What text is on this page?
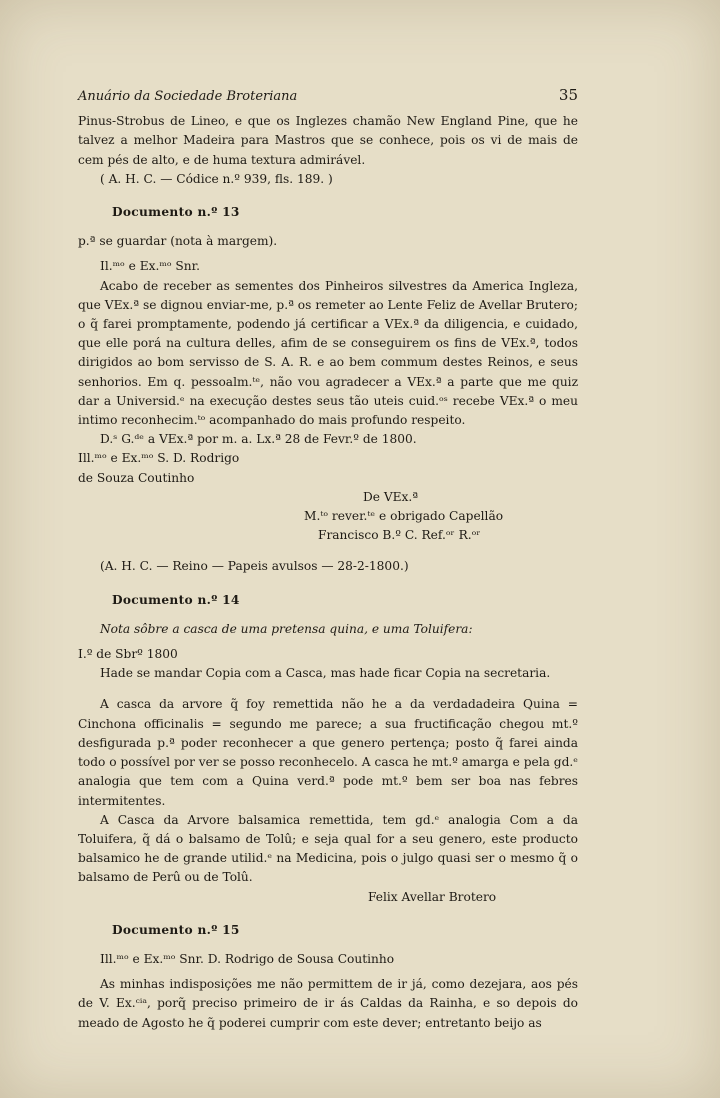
Anuário da Sociedade Broteriana	35

Pinus-Strobus de Lineo, e que os Inglezes chamão New England Pine, que he talvez a melhor Madeira para Mastros que se conhece, pois os vi de mais de cem pés de alto, e de huma textura admirável.

( A. H. C. — Códice n.º 939, fls. 189. )

Documento n.º 13

p.ª se guardar (nota à margem).

Il.ᵐᵒ e Ex.ᵐᵒ Snr.

Acabo de receber as sementes dos Pinheiros silvestres da America Ingleza, que VEx.ª se dignou enviar-me, p.ª os remeter ao Lente Feliz de Avellar Brutero; o q̃ farei promptamente, podendo já certificar a VEx.ª da diligencia, e cuidado, que elle porá na cultura delles, afim de se conseguirem os fins de VEx.ª, todos dirigidos ao bom servisso de S. A. R. e ao bem commum destes Reinos, e seus senhorios. Em q. pessoalm.ᵗᵉ, não vou agradecer a VEx.ª a parte que me quiz dar a Universid.ᵉ na execução destes seus tão uteis cuid.ᵒˢ recebe VEx.ª o meu intimo reconhecim.ᵗᵒ acompanhado do mais profundo respeito.

D.ˢ G.ᵈᵉ a VEx.ª por m. a. Lx.ª 28 de Fevr.º de 1800.

Ill.ᵐᵒ e Ex.ᵐᵒ S. D. Rodrigo

de Souza Coutinho

De VEx.ª

M.ᵗᵒ rever.ᵗᵉ e obrigado Capellão

Francisco B.º C. Ref.ᵒʳ R.ᵒʳ

(A. H. C. — Reino — Papeis avulsos — 28-2-1800.)

Documento n.º 14

Nota sôbre a casca de uma pretensa quina, e uma Toluifera:

I.º de Sbrº 1800

Hade se mandar Copia com a Casca, mas hade ficar Copia na secretaria.

A casca da arvore q̃ foy remettida não he a da verdadadeira Quina = Cinchona officinalis = segundo me parece; a sua fructificação chegou mt.º desfigurada p.ª poder reconhecer a que genero pertença; posto q̃ farei ainda todo o possível por ver se posso reconhecelo. A casca he mt.º amarga e pela gd.ᵉ analogia que tem com a Quina verd.ª pode mt.º bem ser boa nas febres intermitentes.

A Casca da Arvore balsamica remettida, tem gd.ᵉ analogia Com a da Toluifera, q̃ dá o balsamo de Tolû; e seja qual for a seu genero, este producto balsamico he de grande utilid.ᵉ na Medicina, pois o julgo quasi ser o mesmo q̃ o balsamo de Perû ou de Tolû.

Felix Avellar Brotero

Documento n.º 15

Ill.ᵐᵒ e Ex.ᵐᵒ Snr. D. Rodrigo de Sousa Coutinho

As minhas indisposições me não permittem de ir já, como dezejara, aos pés de V. Ex.ᶜⁱᵃ, porq̃ preciso primeiro de ir ás Caldas da Rainha, e so depois do meado de Agosto he q̃ poderei cumprir com este dever; entretanto beijo as
